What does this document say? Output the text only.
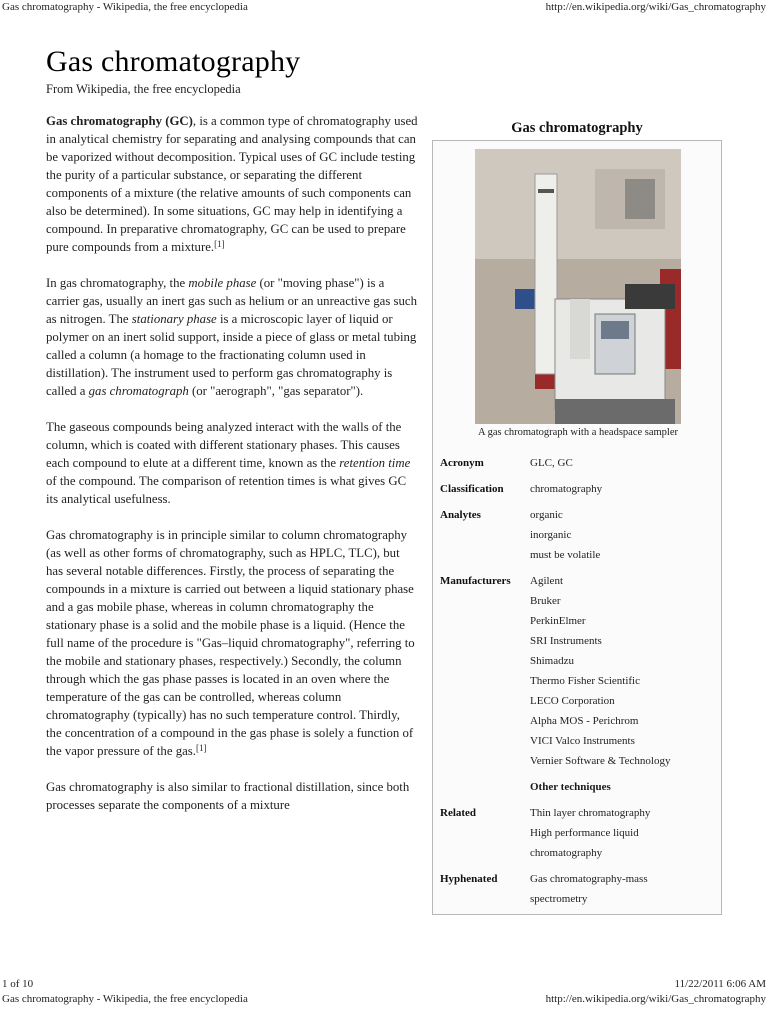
Gas chromatography - Wikipedia, the free encyclopedia	http://en.wikipedia.org/wiki/Gas_chromatography
Gas chromatography
From Wikipedia, the free encyclopedia

Gas chromatography (GC), is a common type of chromatography used in analytical chemistry for separating and analysing compounds that can be vaporized without decomposition. Typical uses of GC include testing the purity of a particular substance, or separating the different components of a mixture (the relative amounts of such components can also be determined). In some situations, GC may help in identifying a compound. In preparative chromatography, GC can be used to prepare pure compounds from a mixture.[1]

In gas chromatography, the mobile phase (or "moving phase") is a carrier gas, usually an inert gas such as helium or an unreactive gas such as nitrogen. The stationary phase is a microscopic layer of liquid or polymer on an inert solid support, inside a piece of glass or metal tubing called a column (a homage to the fractionating column used in distillation). The instrument used to perform gas chromatography is called a gas chromatograph (or "aerograph", "gas separator").

The gaseous compounds being analyzed interact with the walls of the column, which is coated with different stationary phases. This causes each compound to elute at a different time, known as the retention time of the compound. The comparison of retention times is what gives GC its analytical usefulness.

Gas chromatography is in principle similar to column chromatography (as well as other forms of chromatography, such as HPLC, TLC), but has several notable differences. Firstly, the process of separating the compounds in a mixture is carried out between a liquid stationary phase and a gas mobile phase, whereas in column chromatography the stationary phase is a solid and the mobile phase is a liquid. (Hence the full name of the procedure is "Gas–liquid chromatography", referring to the mobile and stationary phases, respectively.) Secondly, the column through which the gas phase passes is located in an oven where the temperature of the gas can be controlled, whereas column chromatography (typically) has no such temperature control. Thirdly, the concentration of a compound in the gas phase is solely a function of the vapor pressure of the gas.[1]

Gas chromatography is also similar to fractional distillation, since both processes separate the components of a mixture

Gas chromatography
A gas chromatograph with a headspace sampler
Acronym	GLC, GC
Classification	chromatography
Analytes	organic
inorganic
must be volatile
Manufacturers	Agilent
Bruker
PerkinElmer
SRI Instruments
Shimadzu
Thermo Fisher Scientific
LECO Corporation
Alpha MOS - Perichrom
VICI Valco Instruments
Vernier Software & Technology
Other techniques
Related	Thin layer chromatography
High performance liquid
chromatography
Hyphenated	Gas chromatography-mass
spectrometry
1 of 10	11/22/2011 6:06 AM
Gas chromatography - Wikipedia, the free encyclopedia	http://en.wikipedia.org/wiki/Gas_chromatography
